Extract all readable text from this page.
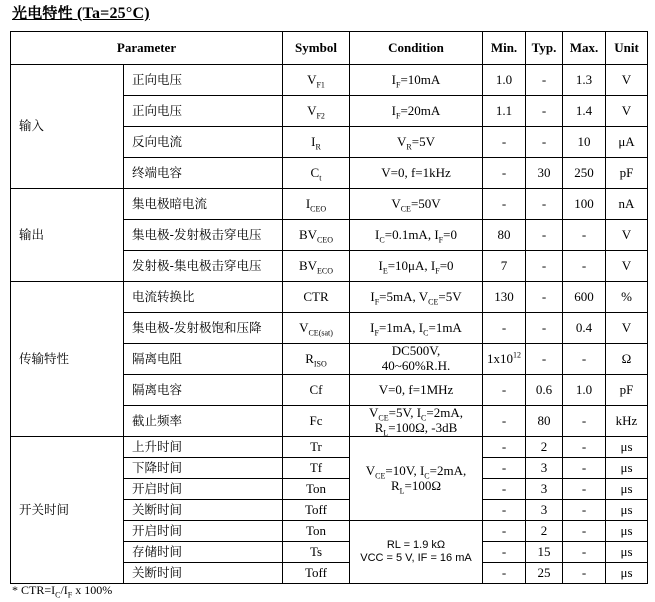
光电特性 (Ta=25°C)
Parameter		Symbol	Condition	Min.	Typ.	Max.	Unit
输入	正向电压	$V_{F1}$	$I_F=10mA$	1.0	-	1.3	V
	正向电压	$V_{F2}$	$I_F=20mA$	1.1	-	1.4	V
	反向电流	$I_R$	$V_R=5V$	-	-	10	μA
	终端电容	$C_t$	V=0, f=1kHz	-	30	250	pF
输出	集电极暗电流	$I_{CEO}$	$V_{CE}=50V$	-	-	100	nA
	集电极-发射极击穿电压	$BV_{CEO}$	$I_C=0.1mA$, $I_F=0$	80	-	-	V
	发射极-集电极击穿电压	$BV_{ECO}$	$I_E=10\mu A$, $I_F=0$	7	-	-	V
传输特性	电流转换比	CTR	$I_F=5mA$, $V_{CE}=5V$	130	-	600	%
	集电极-发射极饱和压降	$V_{CE(sat)}$	$I_F=1mA$, $I_C=1mA$	-	-	0.4	V
	隔离电阻	$R_{ISO}$	DC500V,
40~60%R.H.	$1x10^{12}$	-	-	Ω
	隔离电容	Cf	V=0, f=1MHz	-	0.6	1.0	pF
	截止频率	Fc	$V_{CE}=5V$, $I_C=2mA$,
$R_L=100\Omega$, -3dB	-	80	-	kHz
开关时间	上升时间	Tr	$V_{CE}=10V$, $I_C=2mA$,
$R_L=100\Omega$	-	2	-	μs
	下降时间	Tf		-	3	-	μs
	开启时间	Ton		-	3	-	μs
	关断时间	Toff		-	3	-	μs
	开启时间	Ton	RL = 1.9 kΩ
VCC = 5 V, IF = 16 mA	-	2	-	μs
	存储时间	Ts		-	15	-	μs
	关断时间	Toff		-	25	-	μs
* $CTR=I_C/I_F$ x 100%
